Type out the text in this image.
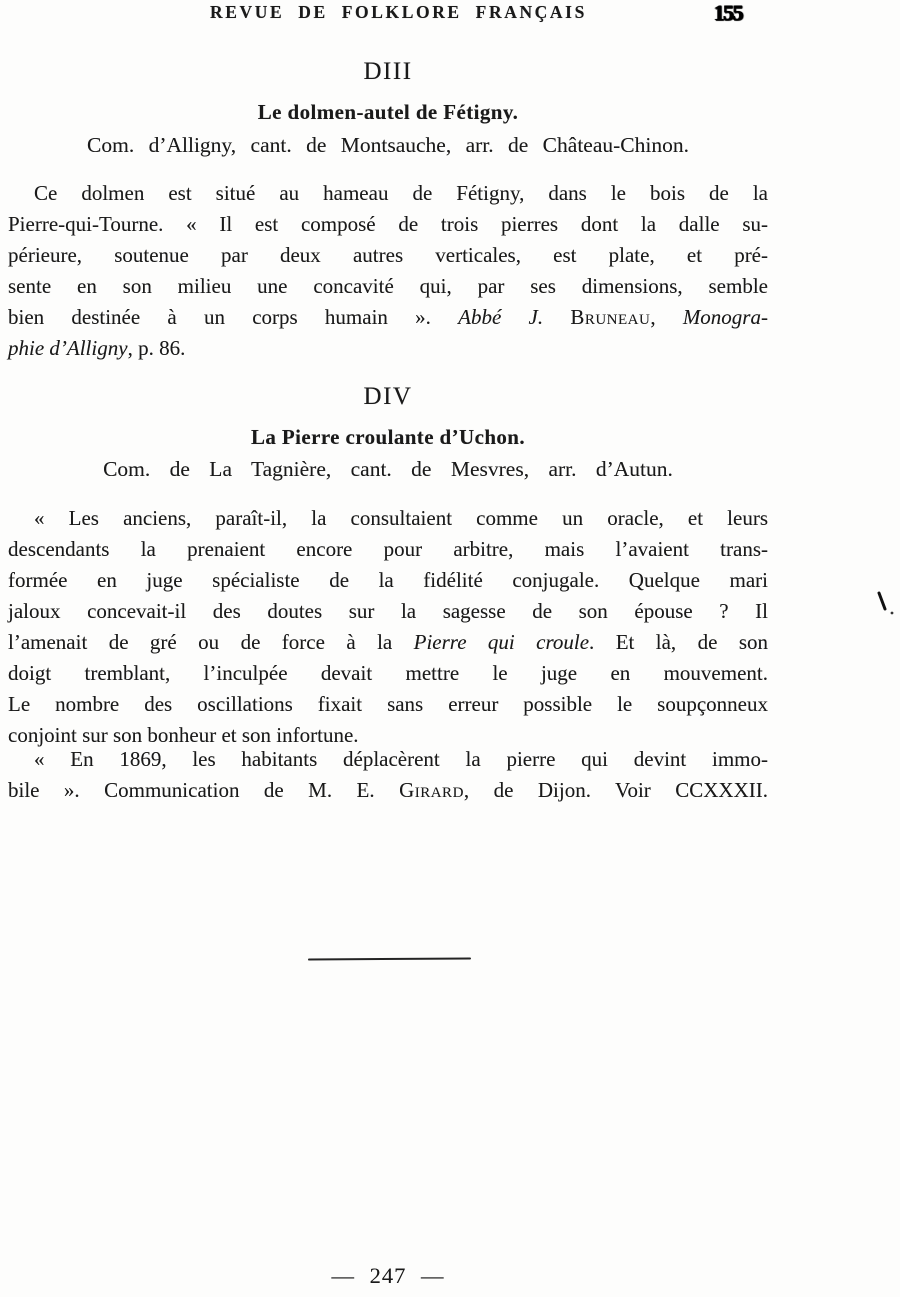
REVUE DE FOLKLORE FRANÇAIS	155
DIII
Le dolmen-autel de Fétigny.
Com. d’Alligny, cant. de Montsauche, arr. de Château-Chinon.
Ce dolmen est situé au hameau de Fétigny, dans le bois de la
Pierre-qui-Tourne. « Il est composé de trois pierres dont la dalle su-
périeure, soutenue par deux autres verticales, est plate, et pré-
sente en son milieu une concavité qui, par ses dimensions, semble
bien destinée à un corps humain ». Abbé J. Bruneau, Monogra-
phie d’Alligny, p. 86.
DIV
La Pierre croulante d’Uchon.
Com. de La Tagnière, cant. de Mesvres, arr. d’Autun.
« Les anciens, paraît-il, la consultaient comme un oracle, et leurs
descendants la prenaient encore pour arbitre, mais l’avaient trans-
formée en juge spécialiste de la fidélité conjugale. Quelque mari
jaloux concevait-il des doutes sur la sagesse de son épouse ? Il
l’amenait de gré ou de force à la Pierre qui croule. Et là, de son
doigt tremblant, l’inculpée devait mettre le juge en mouvement.
Le nombre des oscillations fixait sans erreur possible le soupçonneux
conjoint sur son bonheur et son infortune.
« En 1869, les habitants déplacèrent la pierre qui devint immo-
bile ». Communication de M. E. Girard, de Dijon. Voir CCXXXII.
— 247 —
